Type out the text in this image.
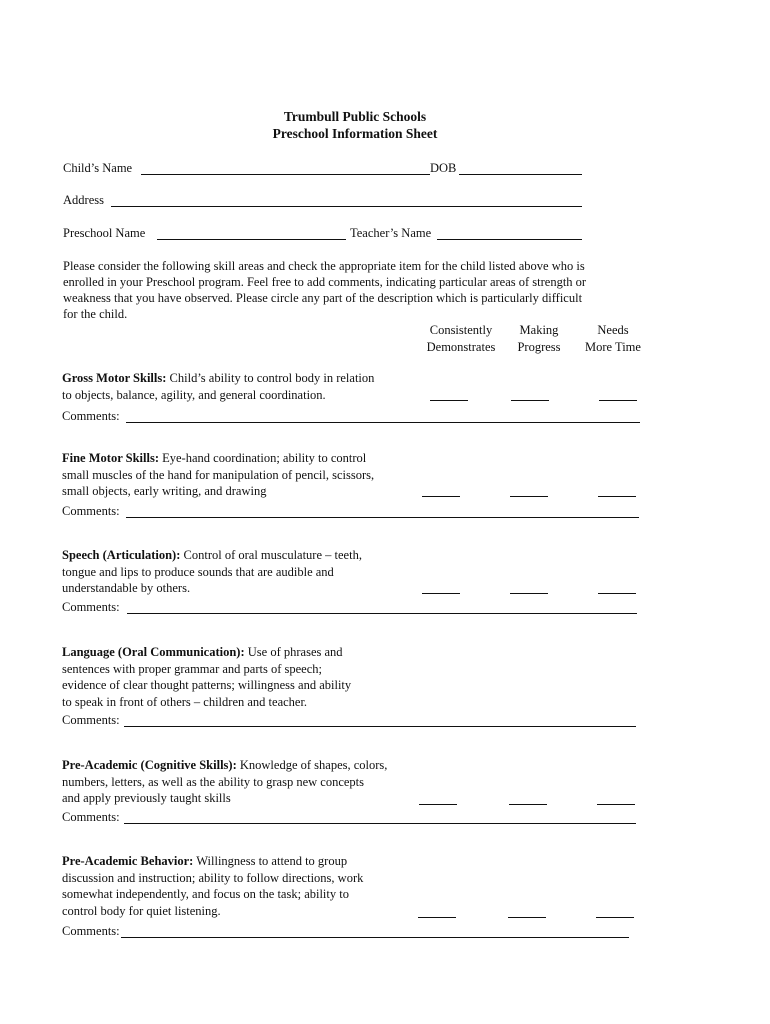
Trumbull Public Schools
Preschool Information Sheet
Child’s Name	DOB
Address
Preschool Name	Teacher’s Name
Please consider the following skill areas and check the appropriate item for the child listed above who is
enrolled in your Preschool program. Feel free to add comments, indicating particular areas of strength or
weakness that you have observed. Please circle any part of the description which is particularly difficult
for the child.
Consistently
Demonstrates
Making
Progress
Needs
More Time
Gross Motor Skills: Child’s ability to control body in relation
to objects, balance, agility, and general coordination.
Comments:
Fine Motor Skills: Eye-hand coordination; ability to control
small muscles of the hand for manipulation of pencil, scissors,
small objects, early writing, and drawing
Comments:
Speech (Articulation): Control of oral musculature – teeth,
tongue and lips to produce sounds that are audible and
understandable by others.
Comments:
Language (Oral Communication): Use of phrases and
sentences with proper grammar and parts of speech;
evidence of clear thought patterns; willingness and ability
to speak in front of others – children and teacher.
Comments:
Pre-Academic (Cognitive Skills): Knowledge of shapes, colors,
numbers, letters, as well as the ability to grasp new concepts
and apply previously taught skills
Comments:
Pre-Academic Behavior: Willingness to attend to group
discussion and instruction; ability to follow directions, work
somewhat independently, and focus on the task; ability to
control body for quiet listening.
Comments:
